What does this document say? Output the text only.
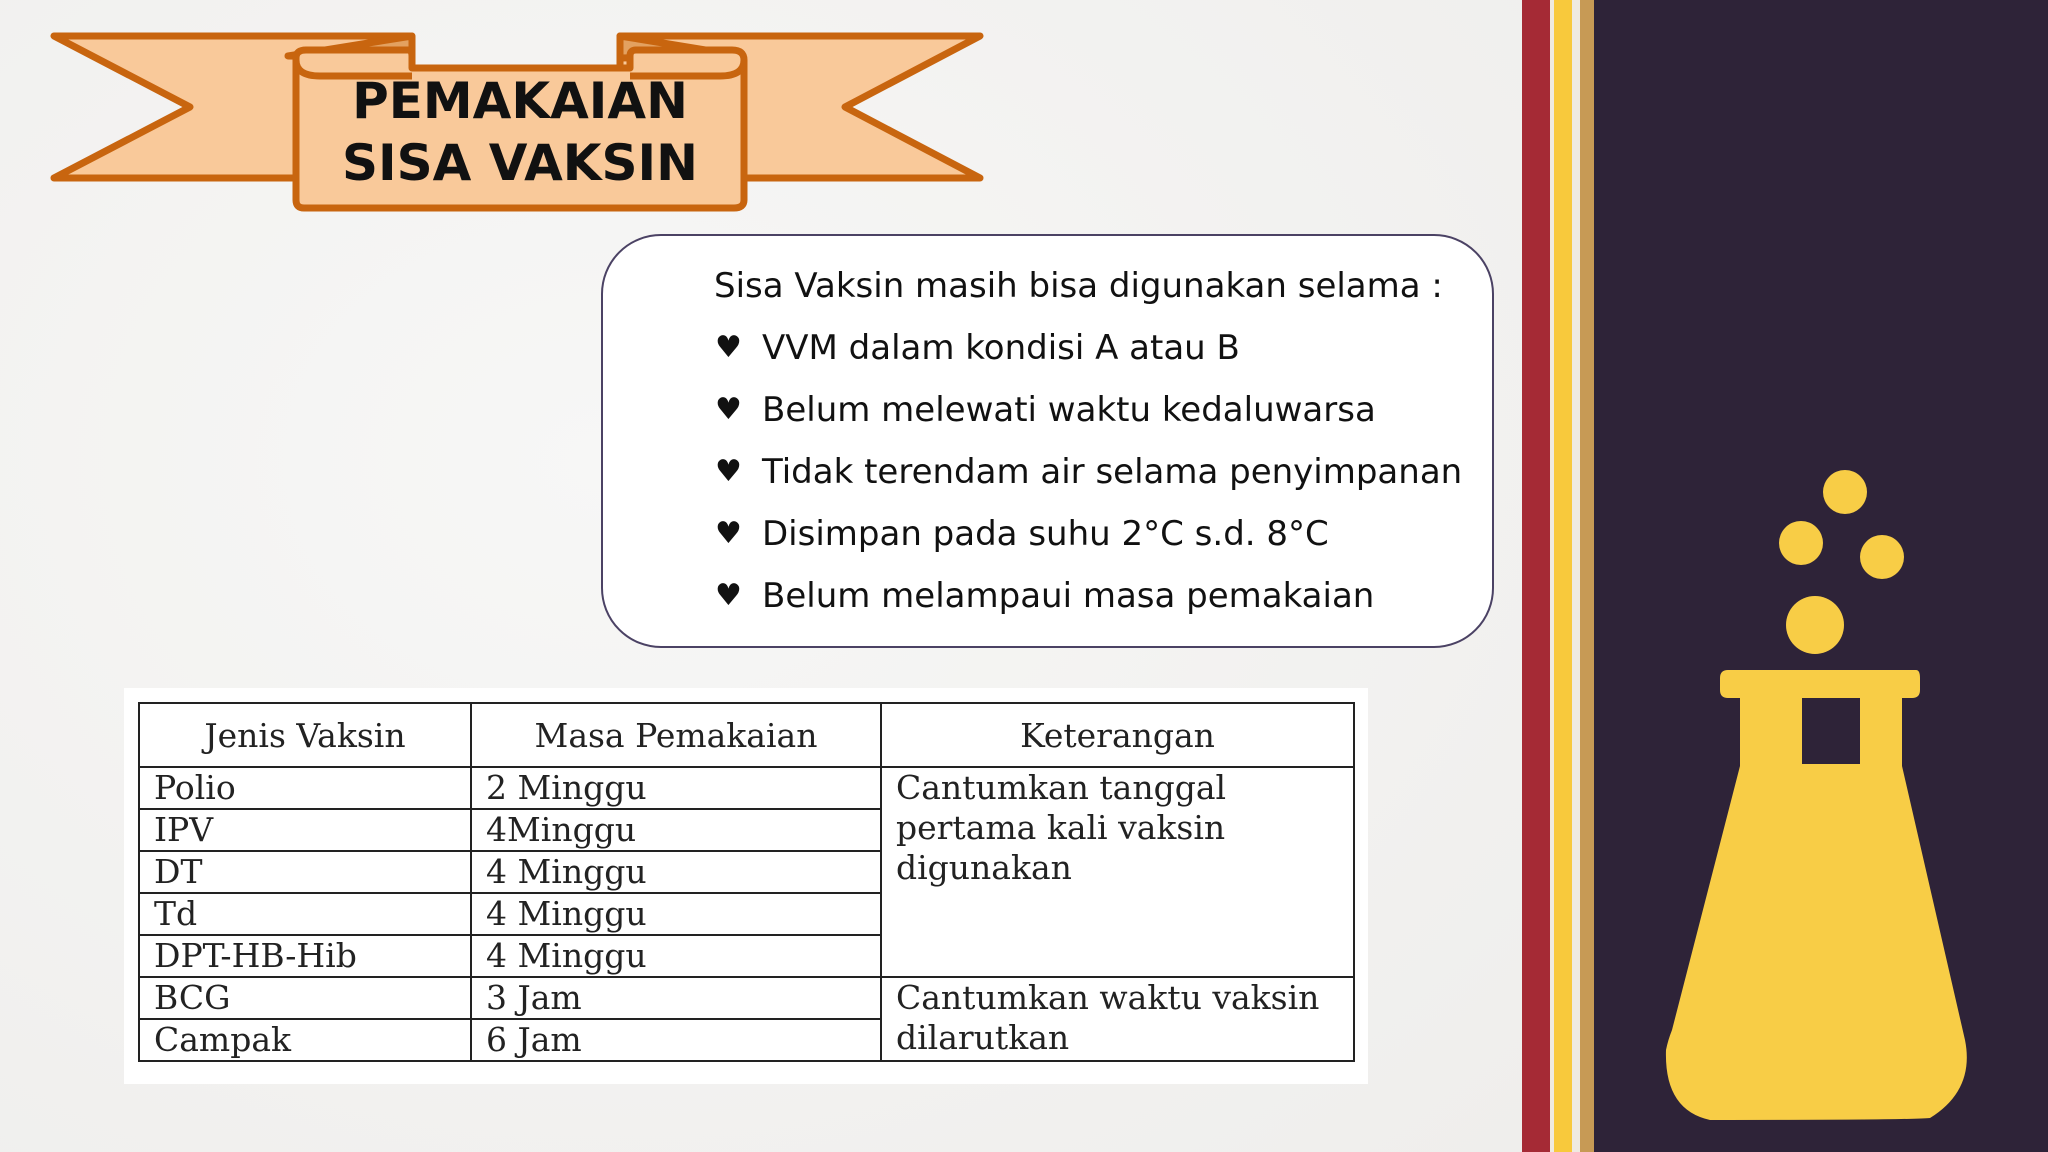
PEMAKAIAN
SISA VAKSIN
Sisa Vaksin masih bisa digunakan selama :
♥ VVM dalam kondisi A atau B
♥ Belum melewati waktu kedaluwarsa
♥ Tidak terendam air selama penyimpanan
♥ Disimpan pada suhu 2°C s.d. 8°C
♥ Belum melampaui masa pemakaian
Jenis Vaksin	Masa Pemakaian	Keterangan
Polio	2 Minggu	Cantumkan tanggal pertama kali vaksin digunakan
IPV	4Minggu	
DT	4 Minggu	
Td	4 Minggu	
DPT-HB-Hib	4 Minggu	
BCG	3 Jam	Cantumkan waktu vaksin dilarutkan
Campak	6 Jam	
